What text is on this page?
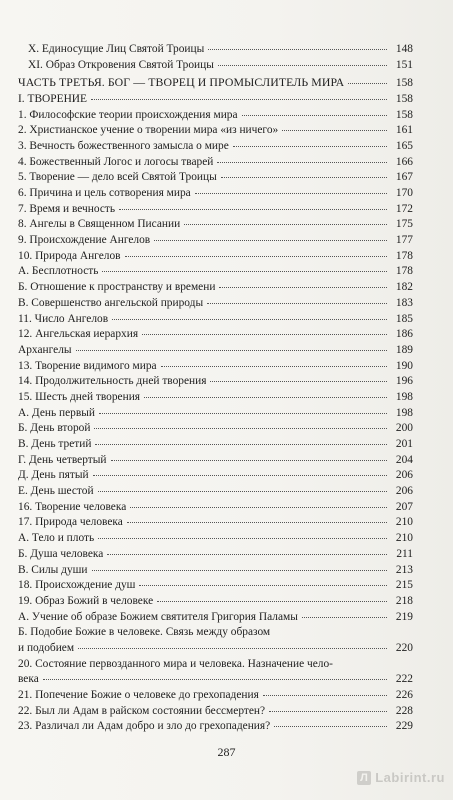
X. Единосущие Лиц Святой Троицы	148
XI. Образ Откровения Святой Троицы	151
ЧАСТЬ ТРЕТЬЯ. БОГ — ТВОРЕЦ И ПРОМЫСЛИТЕЛЬ МИРА	158
I. ТВОРЕНИЕ	158
1. Философские теории происхождения мира	158
2. Христианское учение о творении мира «из ничего»	161
3. Вечность божественного замысла о мире	165
4. Божественный Логос и логосы тварей	166
5. Творение — дело всей Святой Троицы	167
6. Причина и цель сотворения мира	170
7. Время и вечность	172
8. Ангелы в Священном Писании	175
9. Происхождение Ангелов	177
10. Природа Ангелов	178
А. Бесплотность	178
Б. Отношение к пространству и времени	182
В. Совершенство ангельской природы	183
11. Число Ангелов	185
12. Ангельская иерархия	186
Архангелы	189
13. Творение видимого мира	190
14. Продолжительность дней творения	196
15. Шесть дней творения	198
А. День первый	198
Б. День второй	200
В. День третий	201
Г. День четвертый	204
Д. День пятый	206
Е. День шестой	206
16. Творение человека	207
17. Природа человека	210
А. Тело и плоть	210
Б. Душа человека	211
В. Силы души	213
18. Происхождение душ	215
19. Образ Божий в человеке	218
А. Учение об образе Божием святителя Григория Паламы	219
Б. Подобие Божие в человеке. Связь между образом
и подобием	220
20. Состояние первозданного мира и человека. Назначение чело-
века	222
21. Попечение Божие о человеке до грехопадения	226
22. Был ли Адам в райском состоянии бессмертен?	228
23. Различал ли Адам добро и зло до грехопадения?	229
287
Л Labirint.ru
